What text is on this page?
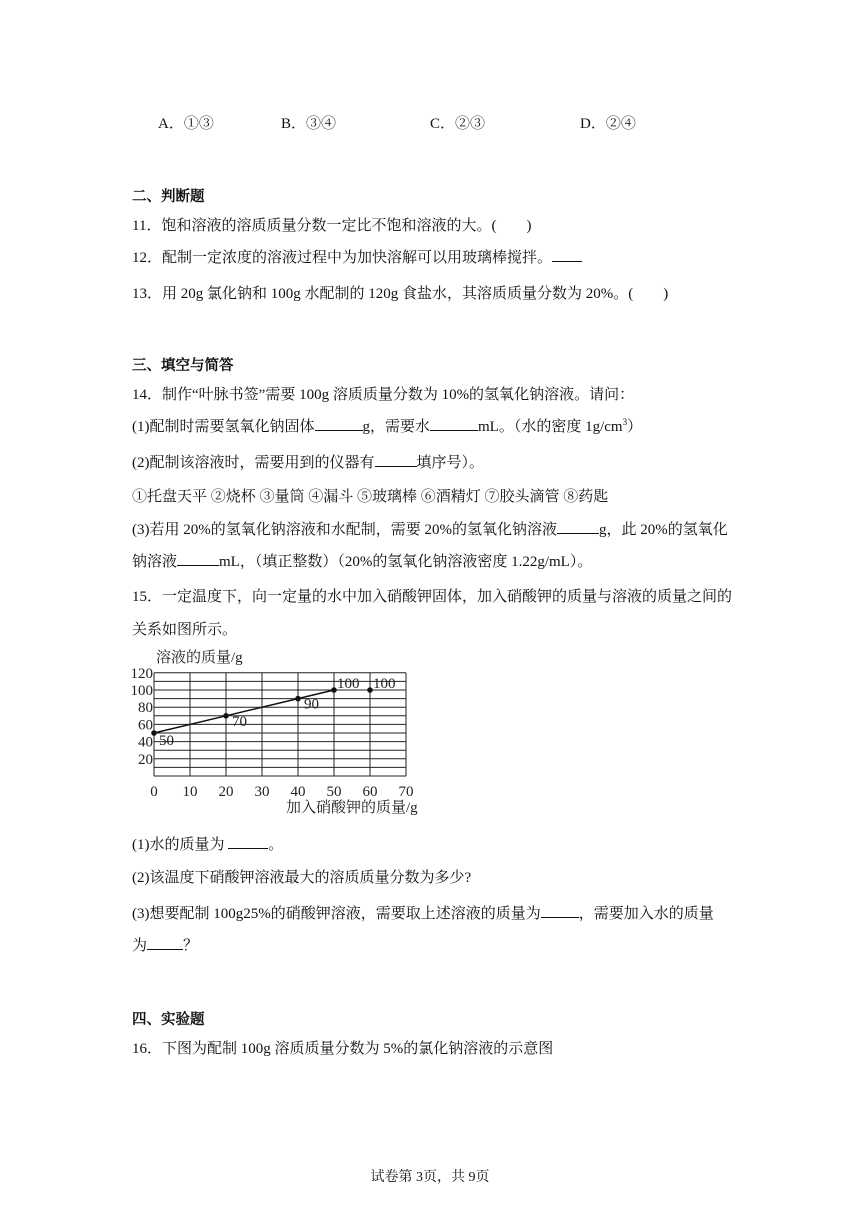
A．①③	B．③④	C．②③	D．②④
二、判断题
11．饱和溶液的溶质质量分数一定比不饱和溶液的大。(　　)
12．配制一定浓度的溶液过程中为加快溶解可以用玻璃棒搅拌。
13．用 20g 氯化钠和 100g 水配制的 120g 食盐水，其溶质质量分数为 20%。(　　)
三、填空与简答
14．制作“叶脉书签”需要 100g 溶质质量分数为 10%的氢氧化钠溶液。请问：
(1)配制时需要氢氧化钠固体	g，需要水	mL。（水的密度 $1g/cm^3$）
(2)配制该溶液时，需要用到的仪器有	填序号）。
①托盘天平 ②烧杯 ③量筒 ④漏斗 ⑤玻璃棒 ⑥酒精灯 ⑦胶头滴管 ⑧药匙
(3)若用 20%的氢氧化钠溶液和水配制，需要 20%的氢氧化钠溶液	g，此 20%的氢氧化
钠溶液	mL，（填正整数）（20%的氢氧化钠溶液密度 1.22g/mL）。
15．一定温度下，向一定量的水中加入硝酸钾固体，加入硝酸钾的质量与溶液的质量之间的
关系如图所示。
50
70
90
100 100
0 10 20 30 40 50 60 70
20
40
60
80
100
120
溶液的质量/g
加入硝酸钾的质量/g
(1)水的质量为	。
(2)该温度下硝酸钾溶液最大的溶质质量分数为多少?
(3)想要配制 100g25%的硝酸钾溶液，需要取上述溶液的质量为	，需要加入水的质量
为 ？
四、实验题
16．下图为配制 100g 溶质质量分数为 5%的氯化钠溶液的示意图
试卷第 3页，共 9页
